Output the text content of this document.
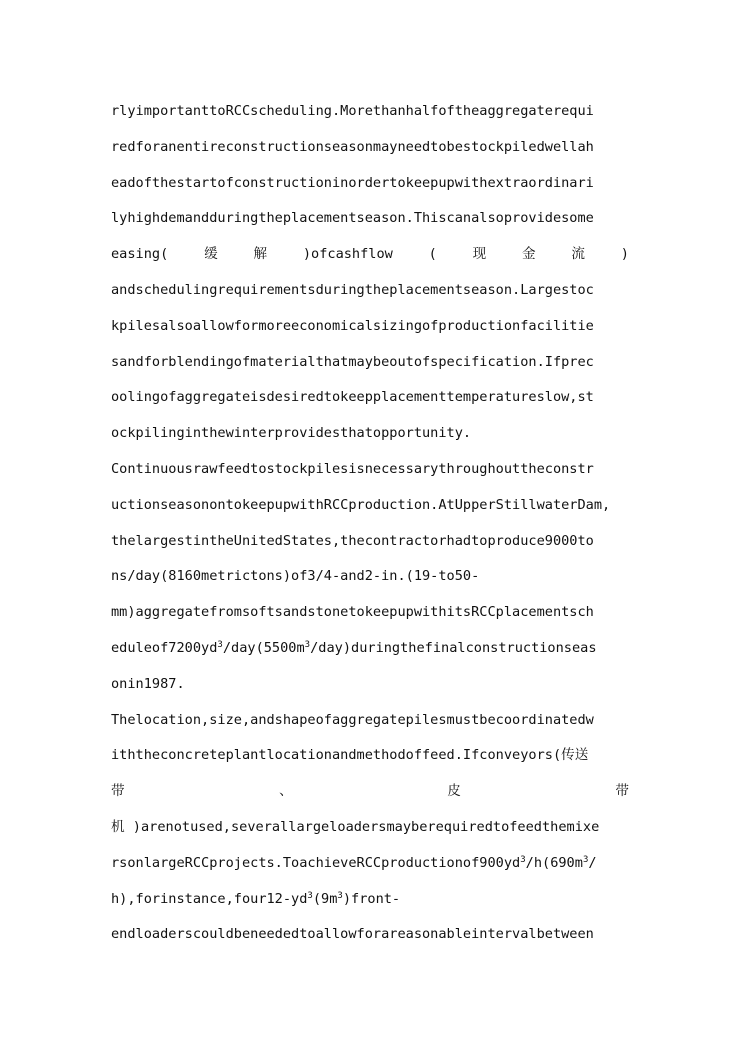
rlyimportanttoRCCscheduling.Morethanhalfoftheaggregaterequi
redforanentireconstructionseasonmayneedtobestockpiledwellah
eadofthestartofconstructioninordertokeepupwithextraordinari
lyhighdemandduringtheplacementseason.Thiscanalsoprovidesome
easing(	缓	解	)ofcashflow	(	现	金	流	)
andschedulingrequirementsduringtheplacementseason.Largestoc
kpilesalsoallowformoreeconomicalsizingofproductionfacilitie
sandforblendingofmaterialthatmaybeoutofspecification.Ifprec
oolingofaggregateisdesiredtokeepplacementtemperatureslow,st
ockpilinginthewinterprovidesthatopportunity.
Continuousrawfeedtostockpilesisnecessarythroughouttheconstr
uctionseasonontokeepupwithRCCproduction.AtUpperStillwaterDam,
thelargestintheUnitedStates,thecontractorhadtoproduce9000to
ns/day(8160metrictons)of3/4-and2-in.(19-to50-
mm)aggregatefromsoftsandstonetokeepupwithitsRCCplacementsch
$eduleof7200yd^3/day(5500m^3/day)duringthefinalconstructionseas$
onin1987.
Thelocation,size,andshapeofaggregatepilesmustbecoordinatedw
iththeconcreteplantlocationandmethodoffeed.Ifconveyors(传送
带	、	皮	带
机 )arenotused,severallargeloadersmayberequiredtofeedthemixe
$rsonlargeRCCprojects.ToachieveRCCproductionof900yd^3/h(690m^3/$
$h),forinstance,four12-yd^3(9m^3)front-$
endloaderscouldbeneededtoallowforareasonableintervalbetween
